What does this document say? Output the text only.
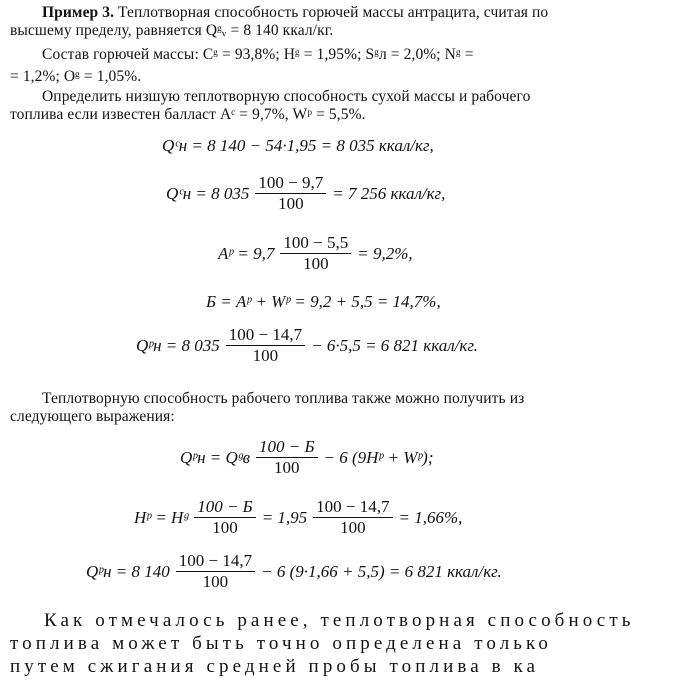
Пример 3. Теплотворная способность горючей массы антрацита, считая по
высшему пределу, равняется Qᵍᵥ = 8 140 ккал/кг.
Состав горючей массы: Cᵍ = 93,8%; Hᵍ = 1,95%; Sᵍл = 2,0%; Nᵍ =
= 1,2%; Oᵍ = 1,05%.
Определить низшую теплотворную способность сухой массы и рабочего
топлива если известен балласт Aᶜ = 9,7%, Wᵖ = 5,5%.
Qᶜн = 8 140 − 54·1,95 = 8 035 ккал/кг,
Qᶜн = 8 $035 \frac{100 - 9,7}{100} = 7$ 256 ккал/кг,
Aᵖ = $9,7 \frac{100 - 5,5}{100} = 9,2\%$,
Б = Aᵖ + Wᵖ = 9,2 + 5,5 = 14,7%,
Qᵖн = 8 $035 \frac{100 - 14,7}{100} - 6\cdot 5,5 = 6$ 821 ккал/кг.
Теплотворную способность рабочего топлива также можно получить из
следующего выражения:
Qᵖн = Qᵍв $\frac{100 - Б}{100} - 6$ (9Hᵖ + Wᵖ);
Hᵖ = Hᵍ $\frac{100 - Б}{100} = 1,95 \frac{100 - 14,7}{100} = 1,66\%$,
Qᵖн = 8 $140 \frac{100 - 14,7}{100} - 6$ (9·1,66 + 5,5) = 6 821 ккал/кг.
Как отмечалось ранее, теплотворная способность
топлива может быть точно определена только
путем сжигания средней пробы топлива в ка
